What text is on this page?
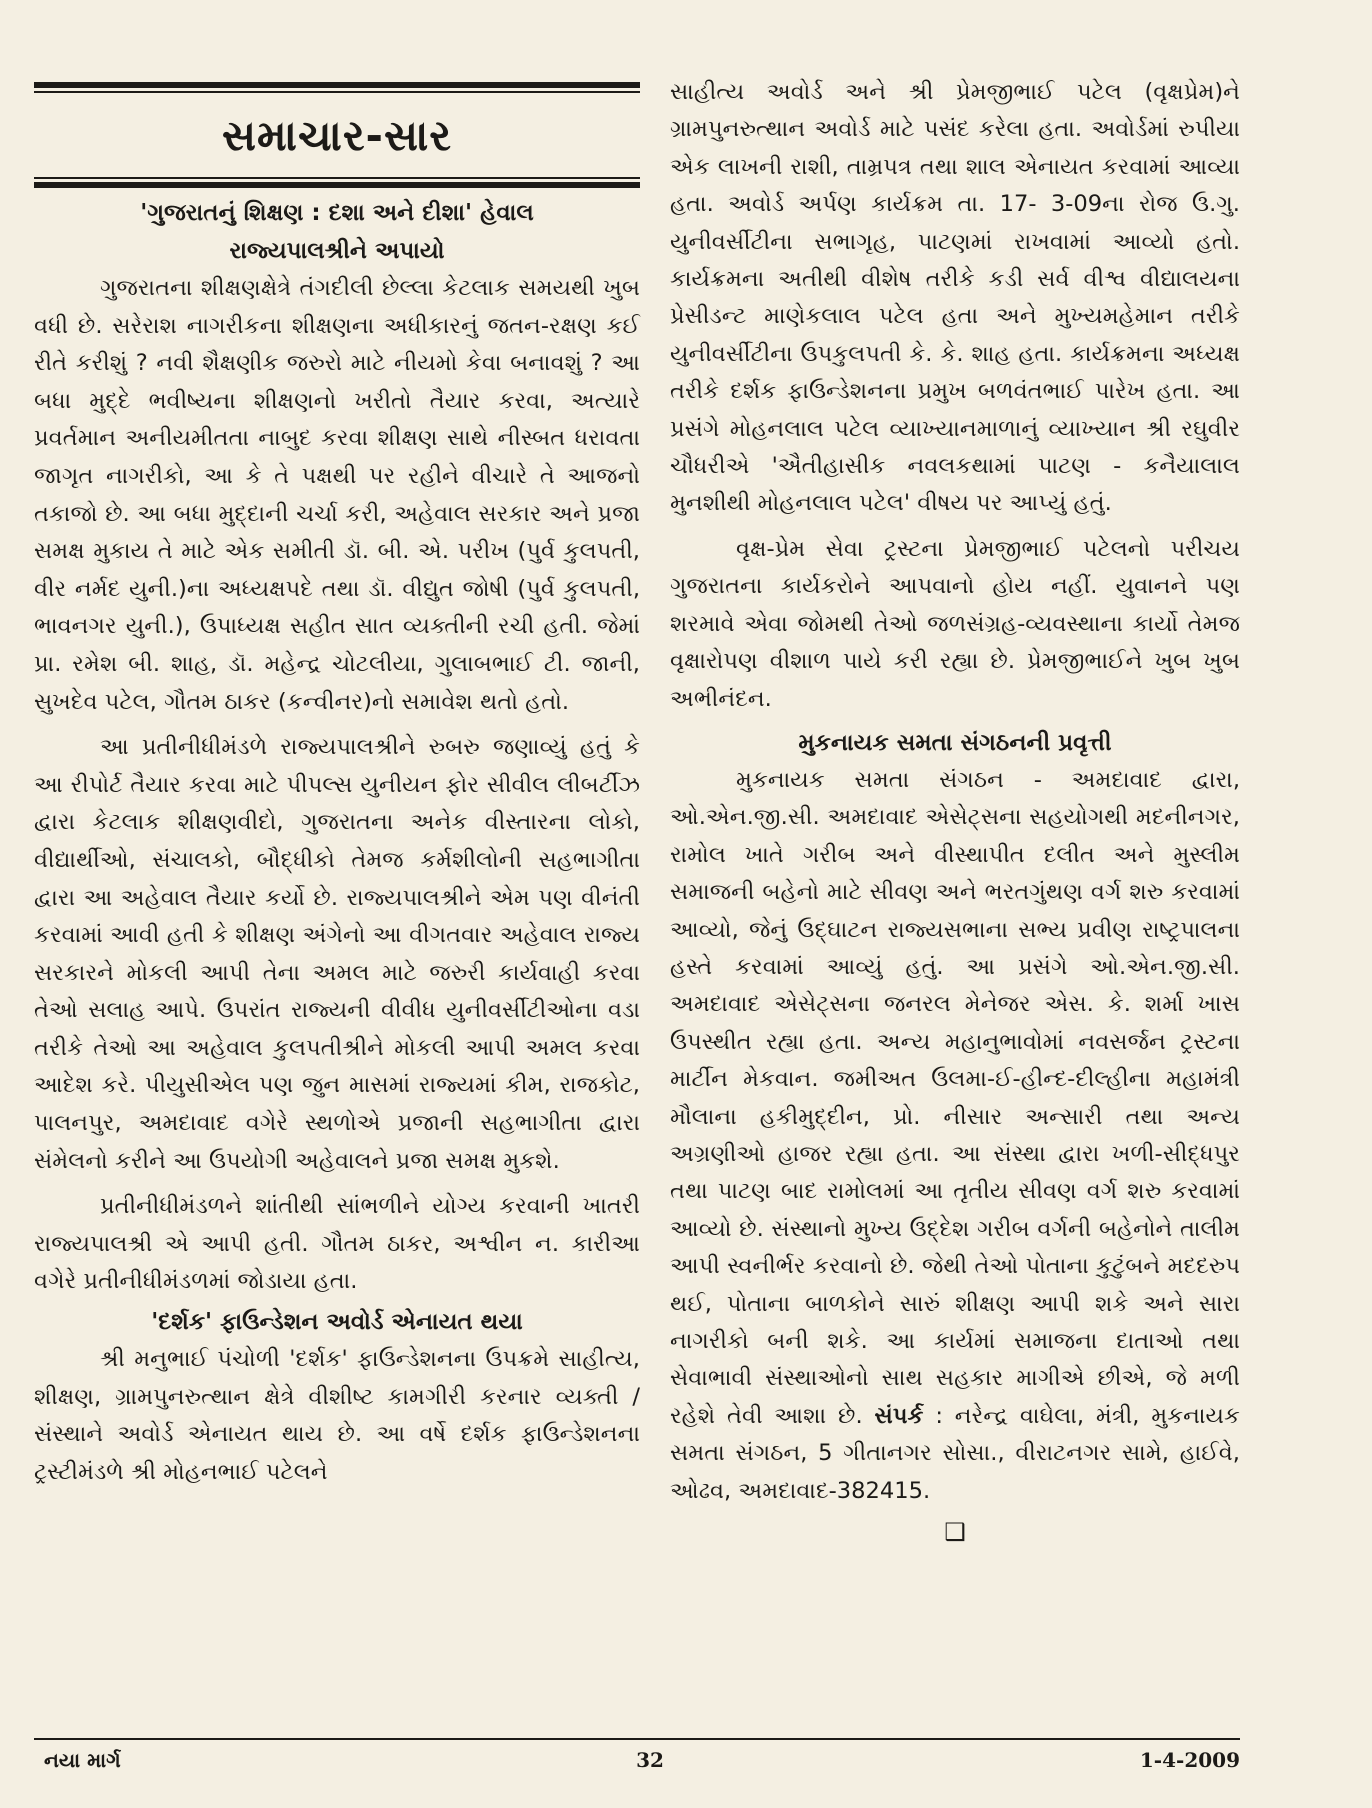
સમાચાર-સાર
'ગુજરાતનું શિક્ષણ : દશા અને દીશા' હેવાલ
રાજ્યપાલશ્રીને અપાયો

ગુજરાતના શીક્ષણક્ષેત્રે તંગદીલી છેલ્લા કેટલાક સમયથી ખુબ વધી છે. સરેરાશ નાગરીકના શીક્ષણના અધીકારનું જતન-રક્ષણ કઈ રીતે કરીશું ? નવી શૈક્ષણીક જરુરો માટે નીયમો કેવા બનાવશું ? આ બધા મુદ્દે ભવીષ્યના શીક્ષણનો ખરીતો તૈયાર કરવા, અત્યારે પ્રવર્તમાન અનીયમીતતા નાબુદ કરવા શીક્ષણ સાથે નીસ્બત ધરાવતા જાગૃત નાગરીકો, આ કે તે પક્ષથી પર રહીને વીચારે તે આજનો તકાજો છે. આ બધા મુદ્દાની ચર્ચા કરી, અહેવાલ સરકાર અને પ્રજા સમક્ષ મુકાય તે માટે એક સમીતી ડૉ. બી. એ. પરીખ (પુર્વ કુલપતી, વીર નર્મદ યુની.)ના અધ્યક્ષપદે તથા ડૉ. વીદ્યુત જોષી (પુર્વ કુલપતી, ભાવનગર યુની.), ઉપાધ્યક્ષ સહીત સાત વ્યક્તીની રચી હતી. જેમાં પ્રા. રમેશ બી. શાહ, ડૉ. મહેન્દ્ર ચોટલીયા, ગુલાબભાઈ ટી. જાની, સુખદેવ પટેલ, ગૌતમ ઠાકર (કન્વીનર)નો સમાવેશ થતો હતો.

આ પ્રતીનીધીમંડળે રાજ્યપાલશ્રીને રુબરુ જણાવ્યું હતું કે આ રીપોર્ટ તૈયાર કરવા માટે પીપલ્સ યુનીયન ફોર સીવીલ લીબર્ટીઝ દ્વારા કેટલાક શીક્ષણવીદો, ગુજરાતના અનેક વીસ્તારના લોકો, વીદ્યાર્થીઓ, સંચાલકો, બૌદ્ધીકો તેમજ કર્મશીલોની સહભાગીતા દ્વારા આ અહેવાલ તૈયાર કર્યો છે. રાજ્યપાલશ્રીને એમ પણ વીનંતી કરવામાં આવી હતી કે શીક્ષણ અંગેનો આ વીગતવાર અહેવાલ રાજ્ય સરકારને મોકલી આપી તેના અમલ માટે જરુરી કાર્યવાહી કરવા તેઓ સલાહ આપે. ઉપરાંત રાજ્યની વીવીધ યુનીવર્સીટીઓના વડા તરીકે તેઓ આ અહેવાલ કુલપતીશ્રીને મોકલી આપી અમલ કરવા આદેશ કરે. પીયુસીએલ પણ જુન માસમાં રાજ્યમાં કીમ, રાજકોટ, પાલનપુર, અમદાવાદ વગેરે સ્થળોએ પ્રજાની સહભાગીતા દ્વારા સંમેલનો કરીને આ ઉપયોગી અહેવાલને પ્રજા સમક્ષ મુકશે.

પ્રતીનીધીમંડળને શાંતીથી સાંભળીને યોગ્ય કરવાની ખાતરી રાજ્યપાલશ્રી એ આપી હતી. ગૌતમ ઠાકર, અશ્વીન ન. કારીઆ વગેરે પ્રતીનીધીમંડળમાં જોડાયા હતા.

'દર્શક' ફાઉન્ડેશન અવોર્ડ એનાયત થયા

શ્રી મનુભાઈ પંચોળી 'દર્શક' ફાઉન્ડેશનના ઉપક્રમે સાહીત્ય, શીક્ષણ, ગ્રામપુનરુત્થાન ક્ષેત્રે વીશીષ્ટ કામગીરી કરનાર વ્યક્તી / સંસ્થાને અવોર્ડ એનાયત થાય છે. આ વર્ષે દર્શક ફાઉન્ડેશનના ટ્રસ્ટીમંડળે શ્રી મોહનભાઈ પટેલને

સાહીત્ય અવોર્ડ અને શ્રી પ્રેમજીભાઈ પટેલ (વૃક્ષપ્રેમ)ને ગ્રામપુનરુત્થાન અવોર્ડ માટે પસંદ કરેલા હતા. અવોર્ડમાં રુપીયા એક લાખની રાશી, તામ્રપત્ર તથા શાલ એનાયત કરવામાં આવ્યા હતા. અવોર્ડ અર્પણ કાર્યક્રમ તા. 17- 3-09ના રોજ ઉ.ગુ. યુનીવર્સીટીના સભાગૃહ, પાટણમાં રાખવામાં આવ્યો હતો. કાર્યક્રમના અતીથી વીશેષ તરીકે કડી સર્વ વીશ્વ વીદ્યાલયના પ્રેસીડન્ટ માણેકલાલ પટેલ હતા અને મુખ્યમહેમાન તરીકે યુનીવર્સીટીના ઉપકુલપતી કે. કે. શાહ હતા. કાર્યક્રમના અધ્યક્ષ તરીકે દર્શક ફાઉન્ડેશનના પ્રમુખ બળવંતભાઈ પારેખ હતા. આ પ્રસંગે મોહનલાલ પટેલ વ્યાખ્યાનમાળાનું વ્યાખ્યાન શ્રી રઘુવીર ચૌધરીએ 'ઐતીહાસીક નવલકથામાં પાટણ - કનૈયાલાલ મુનશીથી મોહનલાલ પટેલ' વીષય પર આપ્યું હતું.

વૃક્ષ-પ્રેમ સેવા ટ્રસ્ટના પ્રેમજીભાઈ પટેલનો પરીચય ગુજરાતના કાર્યકરોને આપવાનો હોય નહીં. યુવાનને પણ શરમાવે એવા જોમથી તેઓ જળસંગ્રહ-વ્યવસ્થાના કાર્યો તેમજ વૃક્ષારોપણ વીશાળ પાયે કરી રહ્યા છે. પ્રેમજીભાઈને ખુબ ખુબ અભીનંદન.

મુકનાયક સમતા સંગઠનની પ્રવૃત્તી

મુકનાયક સમતા સંગઠન - અમદાવાદ દ્વારા, ઓ.એન.જી.સી. અમદાવાદ એસેટ્સના સહયોગથી મદનીનગર, રામોલ ખાતે ગરીબ અને વીસ્થાપીત દલીત અને મુસ્લીમ સમાજની બહેનો માટે સીવણ અને ભરતગુંથણ વર્ગ શરુ કરવામાં આવ્યો, જેનું ઉદ્ઘાટન રાજ્યસભાના સભ્ય પ્રવીણ રાષ્ટ્રપાલના હસ્તે કરવામાં આવ્યું હતું. આ પ્રસંગે ઓ.એન.જી.સી. અમદાવાદ એસેટ્સના જનરલ મેનેજર એસ. કે. શર્મા ખાસ ઉપસ્થીત રહ્યા હતા. અન્ય મહાનુભાવોમાં નવસર્જન ટ્રસ્ટના માર્ટીન મેકવાન. જમીઅત ઉલમા-ઈ-હીન્દ-દીલ્હીના મહામંત્રી મૌલાના હકીમુદ્દીન, પ્રો. નીસાર અન્સારી તથા અન્ય અગ્રણીઓ હાજર રહ્યા હતા. આ સંસ્થા દ્વારા ખળી-સીદ્ધપુર તથા પાટણ બાદ રામોલમાં આ તૃતીય સીવણ વર્ગ શરુ કરવામાં આવ્યો છે. સંસ્થાનો મુખ્ય ઉદ્દેશ ગરીબ વર્ગની બહેનોને તાલીમ આપી સ્વનીર્ભર કરવાનો છે. જેથી તેઓ પોતાના કુટુંબને મદદરુપ થઈ, પોતાના બાળકોને સારું શીક્ષણ આપી શકે અને સારા નાગરીકો બની શકે. આ કાર્યમાં સમાજના દાતાઓ તથા સેવાભાવી સંસ્થાઓનો સાથ સહકાર માગીએ છીએ, જે મળી રહેશે તેવી આશા છે. સંપર્ક : નરેન્દ્ર વાઘેલા, મંત્રી, મુકનાયક સમતા સંગઠન, 5 ગીતાનગર સોસા., વીરાટનગર સામે, હાઈવે, ઓઢવ, અમદાવાદ-382415.

❑
નયા માર્ગ	32	1-4-2009
